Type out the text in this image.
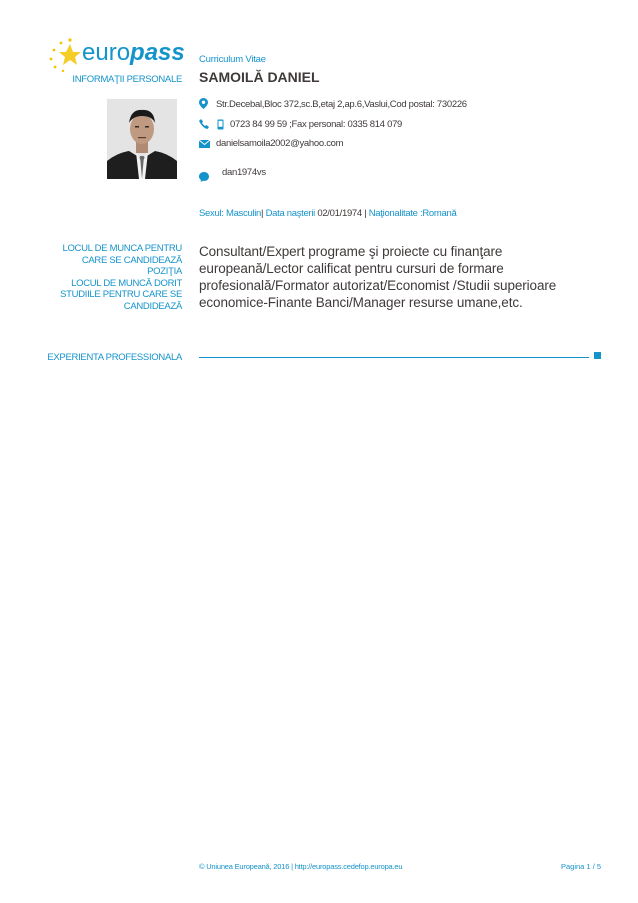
europass
INFORMAŢII PERSONALE
Curriculum Vitae
SAMOILĂ DANIEL
Str.Decebal,Bloc 372,sc.B,etaj 2,ap.6,Vaslui,Cod postal: 730226
0723 84 99 59 ;Fax personal: 0335 814 079
danielsamoila2002@yahoo.com
dan1974vs
Sexul: Masculin| Data naşterii 02/01/1974 | Naţionalitate :Romană
LOCUL DE MUNCA PENTRU
CARE SE CANDIDEAZĂ
POZIŢIA
LOCUL DE MUNCĂ DORIT
STUDIILE PENTRU CARE SE
CANDIDEAZĂ
Consultant/Expert programe şi proiecte cu finanţare europeană/Lector calificat pentru cursuri de formare profesională/Formator autorizat/Economist /Studii superioare economice-Finante Banci/Manager resurse umane,etc.
EXPERIENTA PROFESSIONALA
© Uniunea Europeană, 2016 | http://europass.cedefop.europa.eu	Pagina 1 / 5
